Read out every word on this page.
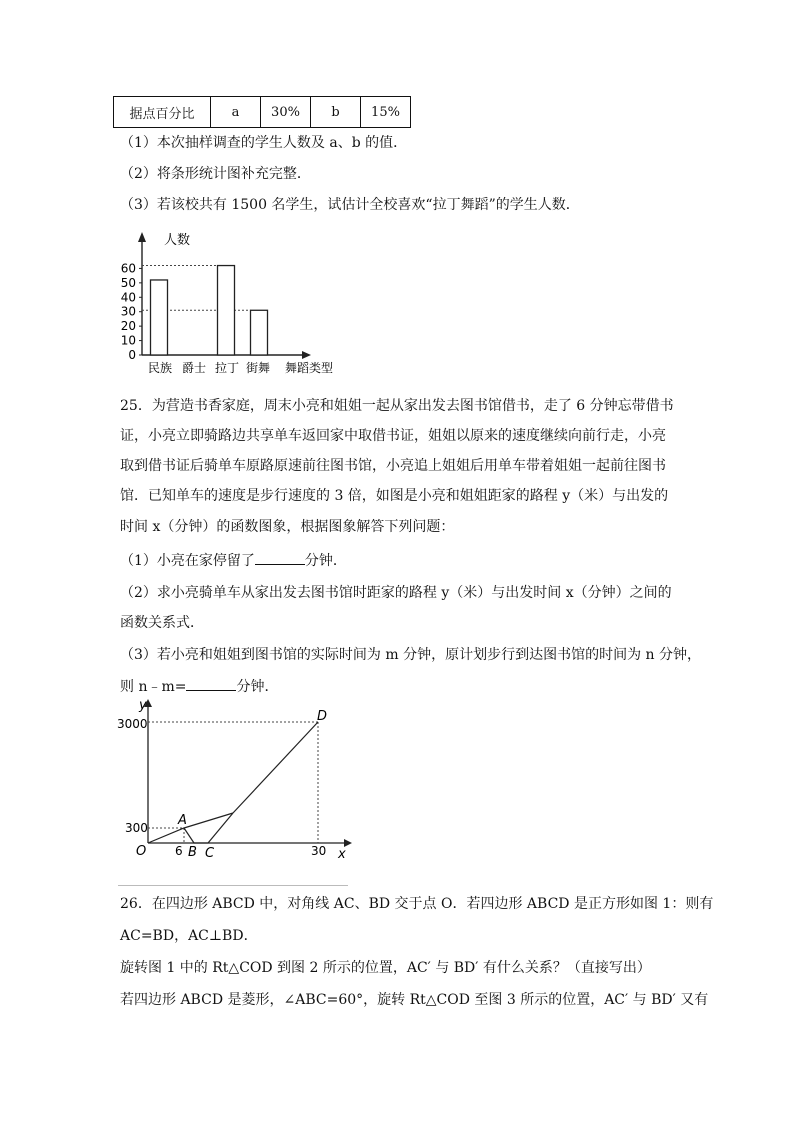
据点百分比	a	30%	b	15%
（1）本次抽样调查的学生人数及 a、b 的值．
（2）将条形统计图补充完整．
（3）若该校共有 1500 名学生，试估计全校喜欢“拉丁舞蹈”的学生人数．
人数
舞蹈类型
民族 爵士 拉丁 街舞
0
10
20
30
40
50
60
25．为营造书香家庭，周末小亮和姐姐一起从家出发去图书馆借书，走了 6 分钟忘带借书
证，小亮立即骑路边共享单车返回家中取借书证，姐姐以原来的速度继续向前行走，小亮
取到借书证后骑单车原路原速前往图书馆，小亮追上姐姐后用单车带着姐姐一起前往图书
馆．已知单车的速度是步行速度的 3 倍，如图是小亮和姐姐距家的路程 y（米）与出发的
时间 x（分钟）的函数图象，根据图象解答下列问题：
（1）小亮在家停留了	分钟．
（2）求小亮骑单车从家出发去图书馆时距家的路程 y（米）与出发时间 x（分钟）之间的
函数关系式．
（3）若小亮和姐姐到图书馆的实际时间为 m 分钟，原计划步行到达图书馆的时间为 n 分钟，
则 n﹣m=	分钟．
y
x
O
3000
300
6	30
A
B C
D
26．在四边形 ABCD 中，对角线 AC、BD 交于点 O．若四边形 ABCD 是正方形如图 1：则有
AC=BD，AC⊥BD．
旋转图 1 中的 Rt△COD 到图 2 所示的位置，AC′ 与 BD′ 有什么关系？（直接写出）
若四边形 ABCD 是菱形，∠ABC=60°，旋转 Rt△COD 至图 3 所示的位置，AC′ 与 BD′ 又有
